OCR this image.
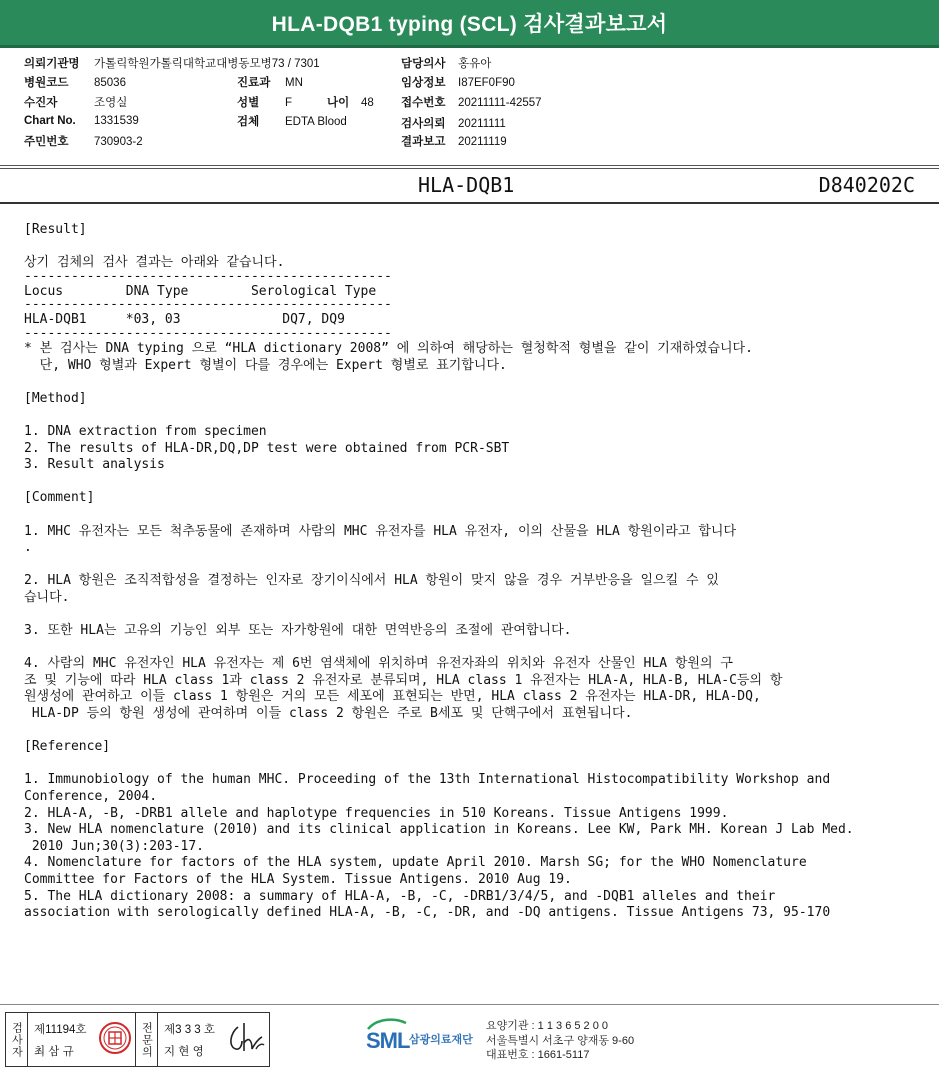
HLA-DQB1 typing (SCL) 검사결과보고서
의뢰기관명 가톨릭학원가톨릭대학교대병동모병73 / 7301
병원코드 85036
수진자	조영실
Chart No. 1331539
주민번호 730903-2
진료과 MN
성별 F	나이 48
검체 EDTA Blood
담당의사 홍유아
임상정보 I87EF0F90
접수번호 20211111-42557
검사의뢰 20211111
결과보고 20211119
HLA-DQB1	D840202C
[Result]
상기 검체의 검사 결과는 아래와 같습니다.
-----------------------------------------------
Locus        DNA Type        Serological Type
-----------------------------------------------
HLA-DQB1     *03, 03             DQ7, DQ9
-----------------------------------------------
* 본 검사는 DNA typing 으로 “HLA dictionary 2008” 에 의하여 해당하는 혈청학적 형별을 같이 기재하였습니다.
단, WHO 형별과 Expert 형별이 다를 경우에는 Expert 형별로 표기합니다.
[Method]
1. DNA extraction from specimen
2. The results of HLA-DR,DQ,DP test were obtained from PCR-SBT
3. Result analysis
[Comment]
1. MHC 유전자는 모든 척추동물에 존재하며 사람의 MHC 유전자를 HLA 유전자, 이의 산물을 HLA 항원이라고 합니다
.
2. HLA 항원은 조직적합성을 결정하는 인자로 장기이식에서 HLA 항원이 맞지 않을 경우 거부반응을 일으킬 수 있
습니다.
3. 또한 HLA는 고유의 기능인 외부 또는 자가항원에 대한 면역반응의 조절에 관여합니다.
4. 사람의 MHC 유전자인 HLA 유전자는 제 6번 염색체에 위치하며 유전자좌의 위치와 유전자 산물인 HLA 항원의 구
조 및 기능에 따라 HLA class 1과 class 2 유전자로 분류되며, HLA class 1 유전자는 HLA-A, HLA-B, HLA-C등의 항
원생성에 관여하고 이들 class 1 항원은 거의 모든 세포에 표현되는 반면, HLA class 2 유전자는 HLA-DR, HLA-DQ,
HLA-DP 등의 항원 생성에 관여하며 이들 class 2 항원은 주로 B세포 및 단핵구에서 표현됩니다.
[Reference]
1. Immunobiology of the human MHC. Proceeding of the 13th International Histocompatibility Workshop and
Conference, 2004.
2. HLA-A, -B, -DRB1 allele and haplotype frequencies in 510 Koreans. Tissue Antigens 1999.
3. New HLA nomenclature (2010) and its clinical application in Koreans. Lee KW, Park MH. Korean J Lab Med.
2010 Jun;30(3):203-17.
4. Nomenclature for factors of the HLA system, update April 2010. Marsh SG; for the WHO Nomenclature
Committee for Factors of the HLA System. Tissue Antigens. 2010 Aug 19.
5. The HLA dictionary 2008: a summary of HLA-A, -B, -C, -DRB1/3/4/5, and -DQB1 alleles and their
association with serologically defined HLA-A, -B, -C, -DR, and -DQ antigens. Tissue Antigens 73, 95-170
검사자 제11194호
최 삼 규	전문의 제3 3 3 호
지 현 영	SML 삼광의료재단
요양기관 : 1 1 3 6 5 2 0 0
서울특별시 서초구 양재동 9-60
대표번호 : 1661-5117
